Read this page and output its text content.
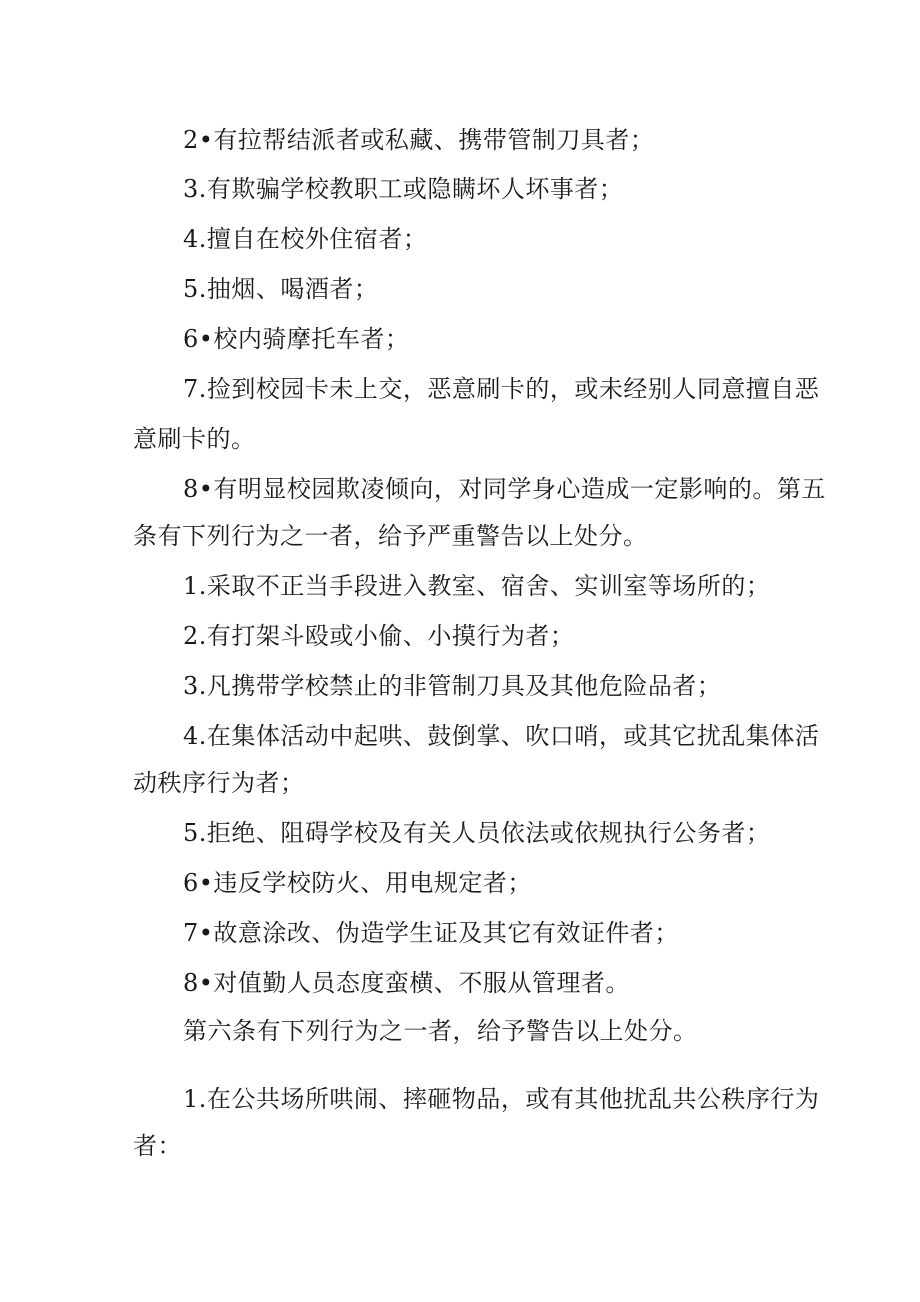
2•有拉帮结派者或私藏、携带管制刀具者；
3.有欺骗学校教职工或隐瞒坏人坏事者；
4.擅自在校外住宿者；
5.抽烟、喝酒者；
6•校内骑摩托车者；
7.捡到校园卡未上交，恶意刷卡的，或未经别人同意擅自恶
意刷卡的。
8•有明显校园欺凌倾向，对同学身心造成一定影响的。第五
条有下列行为之一者，给予严重警告以上处分。
1.采取不正当手段进入教室、宿舍、实训室等场所的；
2.有打架斗殴或小偷、小摸行为者；
3.凡携带学校禁止的非管制刀具及其他危险品者；
4.在集体活动中起哄、鼓倒掌、吹口哨，或其它扰乱集体活
动秩序行为者；
5.拒绝、阻碍学校及有关人员依法或依规执行公务者；
6•违反学校防火、用电规定者；
7•故意涂改、伪造学生证及其它有效证件者；
8•对值勤人员态度蛮横、不服从管理者。
第六条有下列行为之一者，给予警告以上处分。
1.在公共场所哄闹、摔砸物品，或有其他扰乱共公秩序行为
者：
